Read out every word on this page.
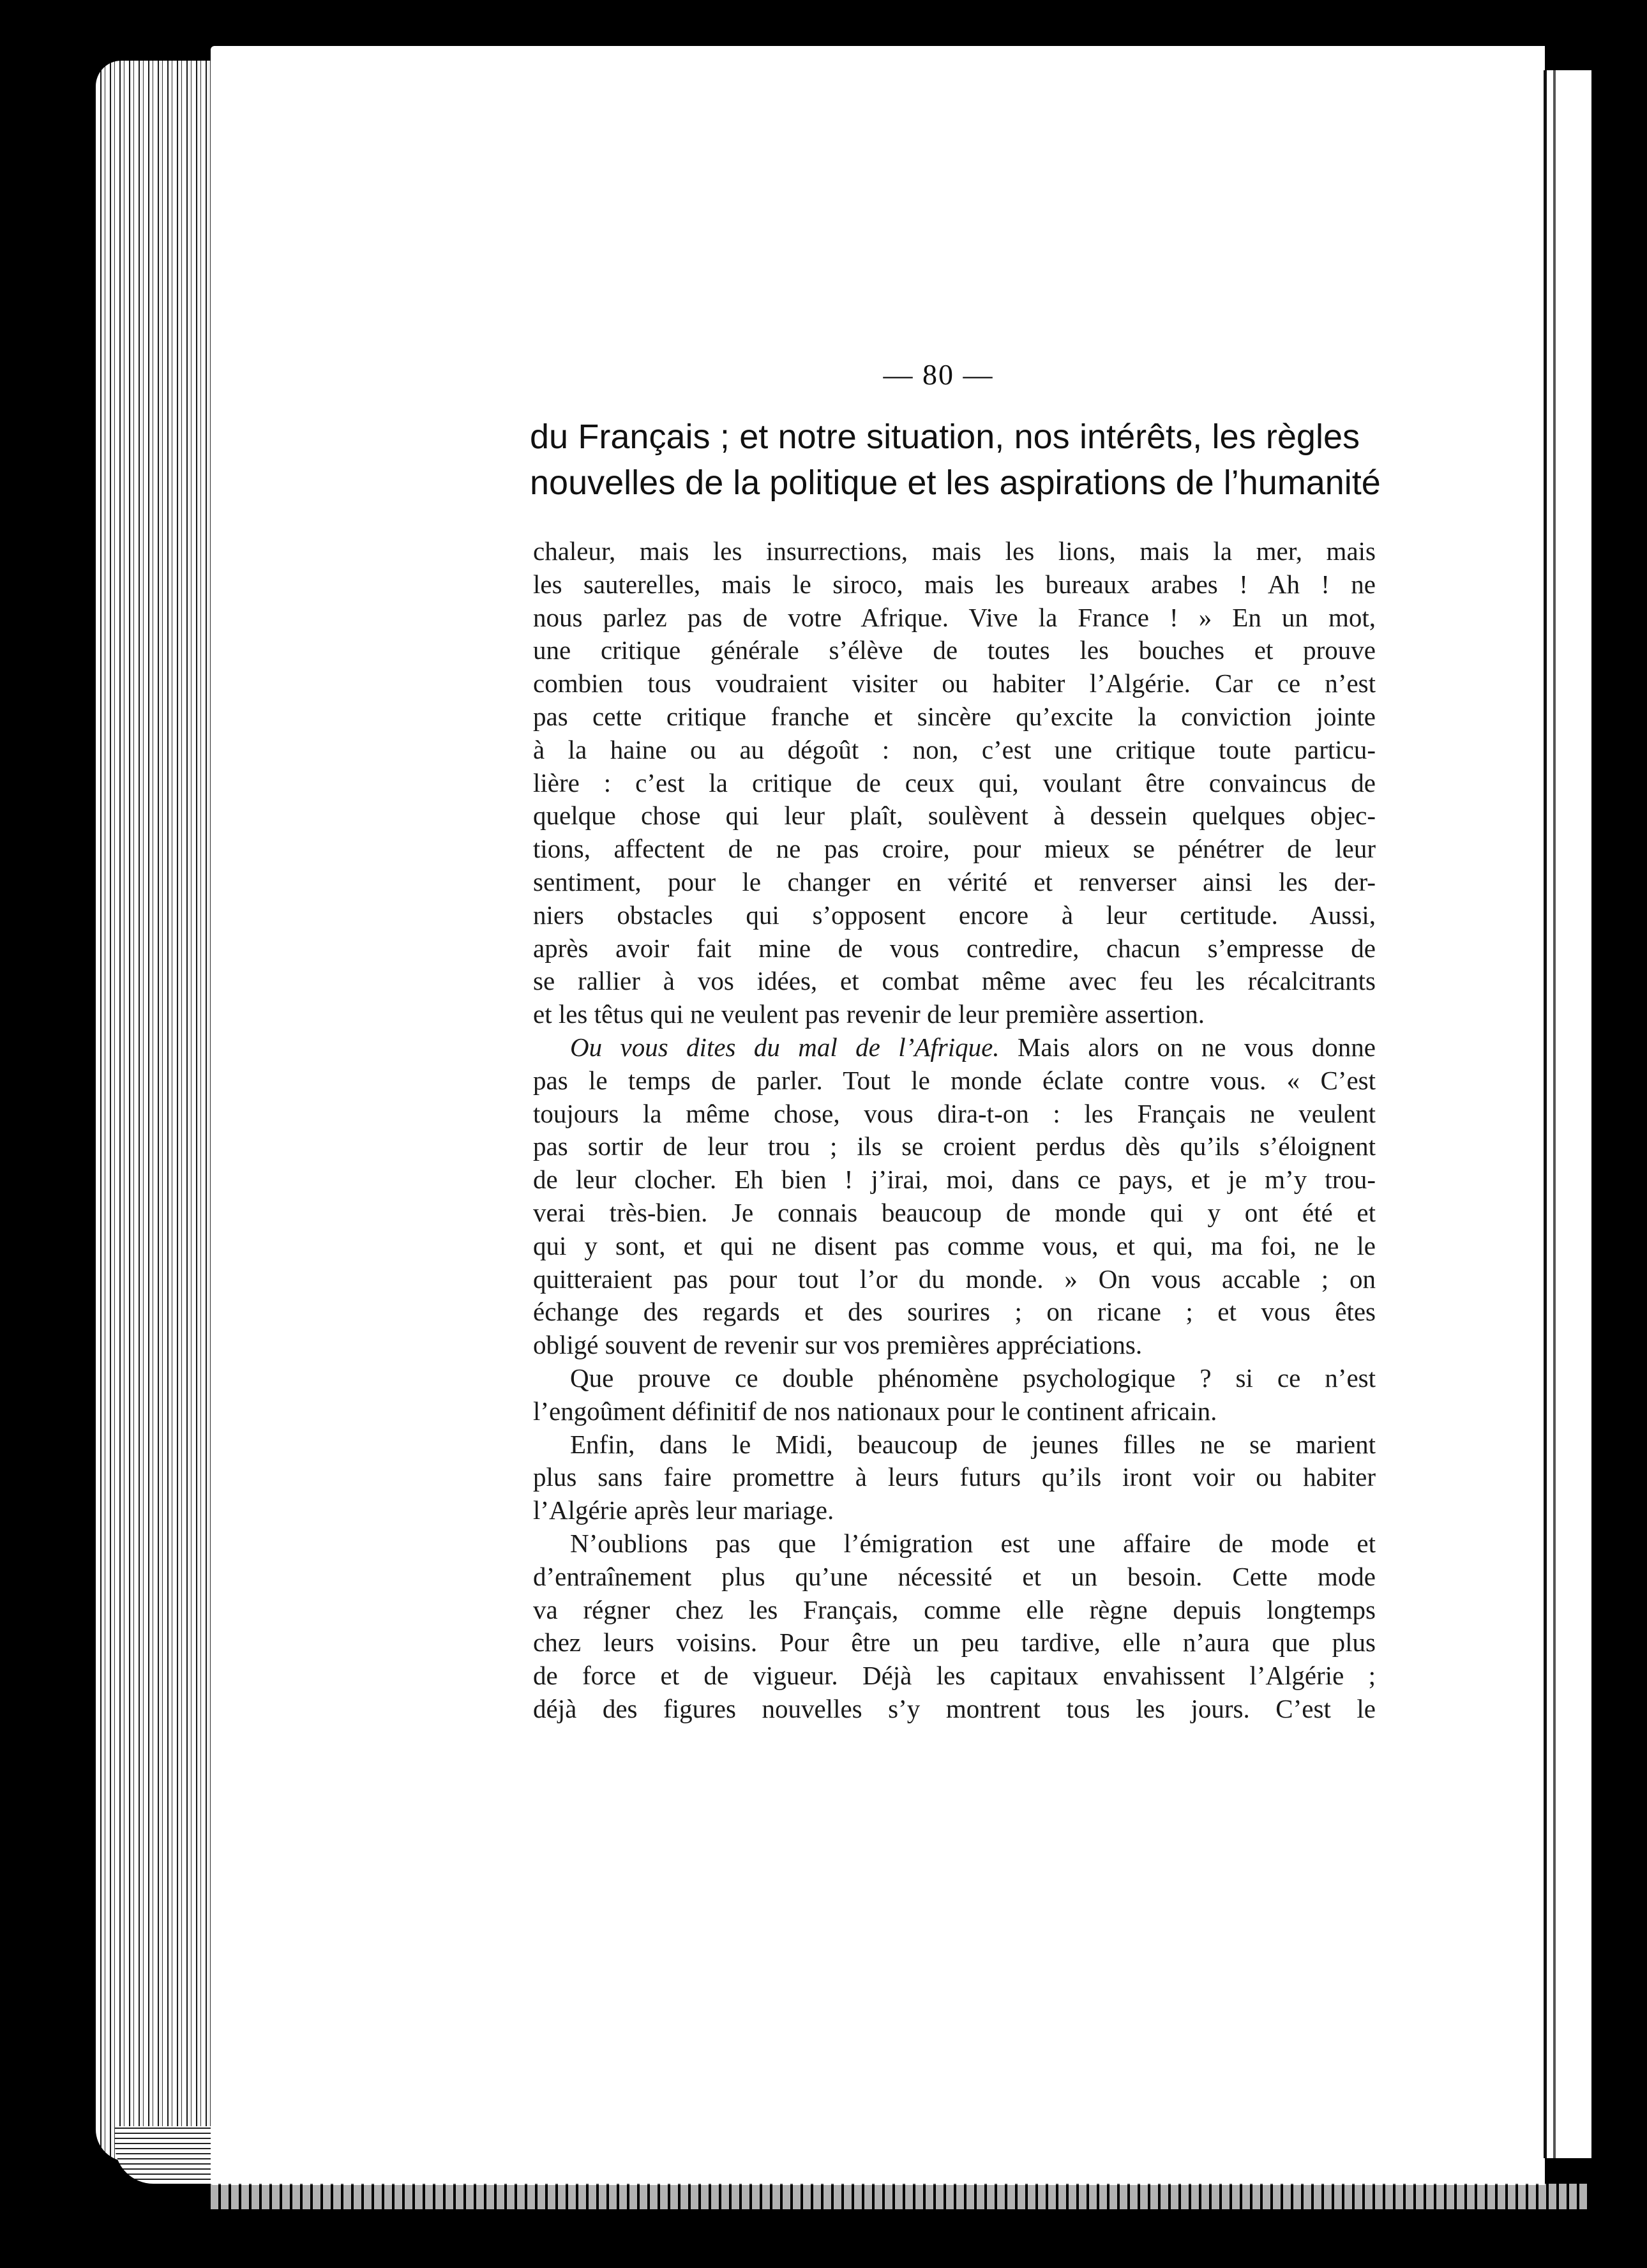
— 80 —
du Français ; et notre situation, nos intérêts, les règles
nouvelles de la politique et les aspirations de l’humanité
chaleur, mais les insurrections, mais les lions, mais la mer, mais
les sauterelles, mais le siroco, mais les bureaux arabes ! Ah ! ne
nous parlez pas de votre Afrique. Vive la France ! » En un mot,
une critique générale s’élève de toutes les bouches et prouve
combien tous voudraient visiter ou habiter l’Algérie. Car ce n’est
pas cette critique franche et sincère qu’excite la conviction jointe
à la haine ou au dégoût : non, c’est une critique toute particu-
lière : c’est la critique de ceux qui, voulant être convaincus de
quelque chose qui leur plaît, soulèvent à dessein quelques objec-
tions, affectent de ne pas croire, pour mieux se pénétrer de leur
sentiment, pour le changer en vérité et renverser ainsi les der-
niers obstacles qui s’opposent encore à leur certitude. Aussi,
après avoir fait mine de vous contredire, chacun s’empresse de
se rallier à vos idées, et combat même avec feu les récalcitrants
et les têtus qui ne veulent pas revenir de leur première assertion.
Ou vous dites du mal de l’Afrique. Mais alors on ne vous donne
pas le temps de parler. Tout le monde éclate contre vous. « C’est
toujours la même chose, vous dira-t-on : les Français ne veulent
pas sortir de leur trou ; ils se croient perdus dès qu’ils s’éloignent
de leur clocher. Eh bien ! j’irai, moi, dans ce pays, et je m’y trou-
verai très-bien. Je connais beaucoup de monde qui y ont été et
qui y sont, et qui ne disent pas comme vous, et qui, ma foi, ne le
quitteraient pas pour tout l’or du monde. » On vous accable ; on
échange des regards et des sourires ; on ricane ; et vous êtes
obligé souvent de revenir sur vos premières appréciations.
Que prouve ce double phénomène psychologique ? si ce n’est
l’engoûment définitif de nos nationaux pour le continent africain.
Enfin, dans le Midi, beaucoup de jeunes filles ne se marient
plus sans faire promettre à leurs futurs qu’ils iront voir ou habiter
l’Algérie après leur mariage.
N’oublions pas que l’émigration est une affaire de mode et
d’entraînement plus qu’une nécessité et un besoin. Cette mode
va régner chez les Français, comme elle règne depuis longtemps
chez leurs voisins. Pour être un peu tardive, elle n’aura que plus
de force et de vigueur. Déjà les capitaux envahissent l’Algérie ;
déjà des figures nouvelles s’y montrent tous les jours. C’est le
